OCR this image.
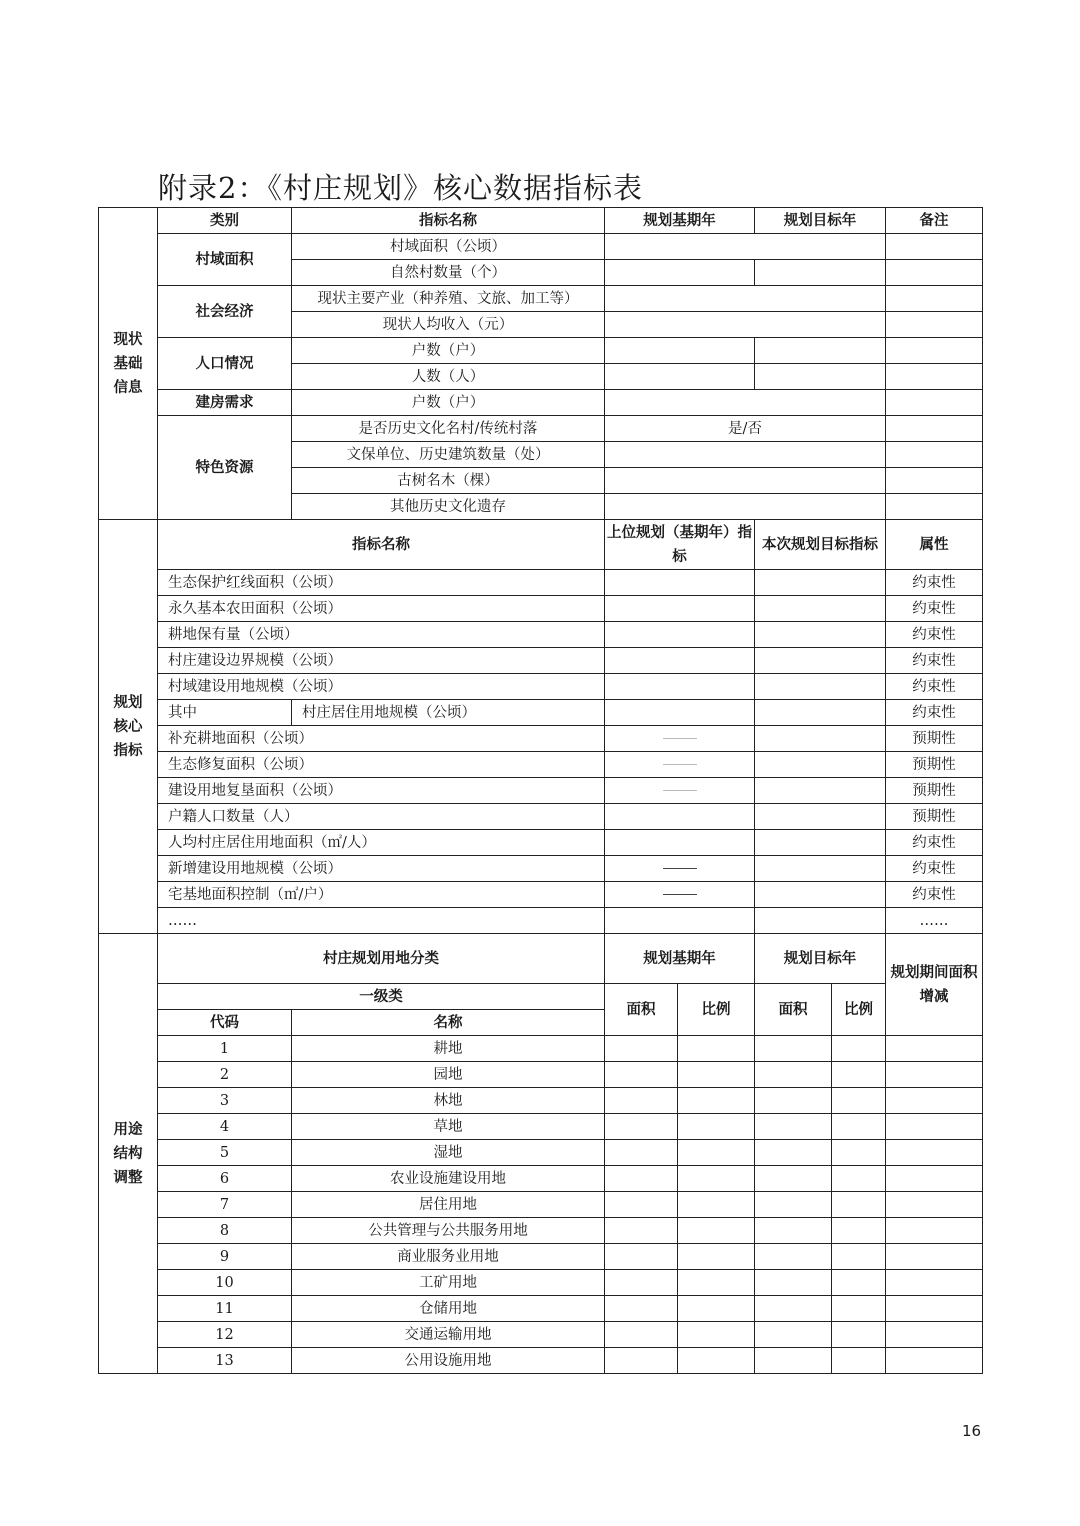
附录2：《村庄规划》核心数据指标表
现状
基础
信息	类别	指标名称	规划基期年		规划目标年		备注
	村域面积	村域面积（公顷）					
		自然村数量（个）					
	社会经济	现状主要产业（种养殖、文旅、加工等）					
		现状人均收入（元）					
	人口情况	户数（户）					
		人数（人）					
	建房需求	户数（户）					
	特色资源	是否历史文化名村/传统村落	是/否				
		文保单位、历史建筑数量（处）					
		古树名木（棵）					
		其他历史文化遗存					

规划
核心
指标	指标名称		上位规划（基期年）指标		本次规划目标指标		属性
	生态保护红线面积（公顷）						约束性
	永久基本农田面积（公顷）						约束性
	耕地保有量（公顷）						约束性
	村庄建设边界规模（公顷）						约束性
	村域建设用地规模（公顷）						约束性
	其中	村庄居住用地规模（公顷）					约束性
	补充耕地面积（公顷）						预期性
	生态修复面积（公顷）						预期性
	建设用地复垦面积（公顷）						预期性
	户籍人口数量（人）						预期性
	人均村庄居住用地面积（㎡/人）						约束性
	新增建设用地规模（公顷）						约束性
	宅基地面积控制（㎡/户）						约束性
	……						……

用途
结构
调整	村庄规划用地分类		规划基期年		规划目标年		规划期间面积增减
	一级类		面积	比例	面积	比例	
	代码	名称					
	1	耕地					
	2	园地					
	3	林地					
	4	草地					
	5	湿地					
	6	农业设施建设用地					
	7	居住用地					
	8	公共管理与公共服务用地					
	9	商业服务业用地					
	10	工矿用地					
	11	仓储用地					
	12	交通运输用地					
	13	公用设施用地					
16
